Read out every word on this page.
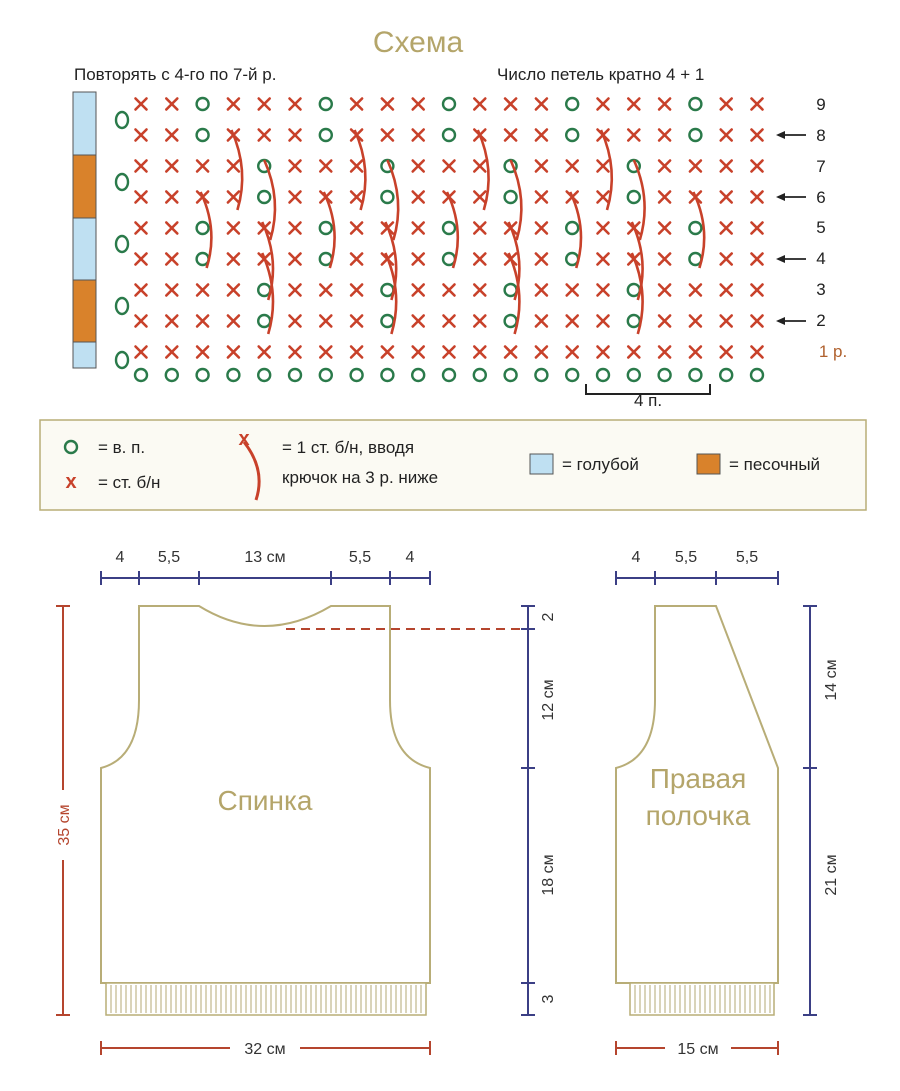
Схема
Повторять с 4-го по 7-й р.	Число петель кратно 4 + 1
9
8
7
6
5
4
3
2
1 р.
4 п.
= в. п.
x = ст. б/н
x = 1 ст. б/н, вводя
крючок на 3 р. ниже
= голубой	= песочный
4 5,5	13 см	5,5 4
Спинка
35 см
2
12 см
18 см
3
32 см
4 5,5 5,5
Правая
полочка
14 см
21 см
15 см
